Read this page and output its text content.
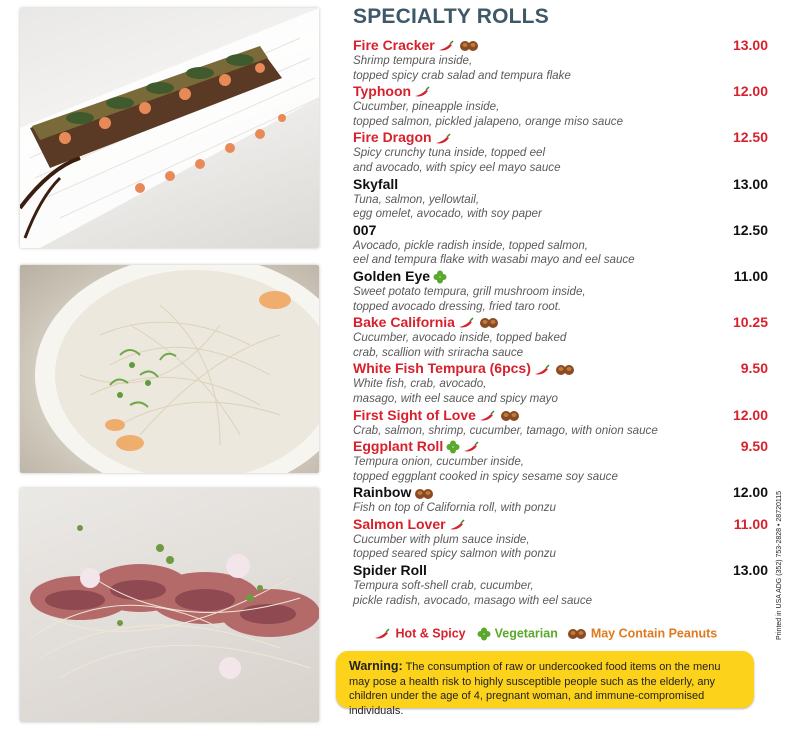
SPECIALTY ROLLS
Fire Cracker	13.00
Shrimp tempura inside,
topped spicy crab salad and tempura flake
Typhoon	12.00
Cucumber, pineapple inside,
topped salmon, pickled jalapeno, orange miso sauce
Fire Dragon	12.50
Spicy crunchy tuna inside, topped eel
and avocado, with spicy eel mayo sauce
Skyfall	13.00
Tuna, salmon, yellowtail,
egg omelet, avocado, with soy paper
007	12.50
Avocado, pickle radish inside, topped salmon,
eel and tempura flake with wasabi mayo and eel sauce
Golden Eye	11.00
Sweet potato tempura, grill mushroom inside,
topped avocado dressing, fried taro root.
Bake California	10.25
Cucumber, avocado inside, topped baked
crab, scallion with sriracha sauce
White Fish Tempura (6pcs)	9.50
White fish, crab, avocado,
masago, with eel sauce and spicy mayo
First Sight of Love	12.00
Crab, salmon, shrimp, cucumber, tamago, with onion sauce
Eggplant Roll	9.50
Tempura onion, cucumber inside,
topped eggplant cooked in spicy sesame soy sauce
Rainbow	12.00
Fish on top of California roll, with ponzu
Salmon Lover	11.00
Cucumber with plum sauce inside,
topped seared spicy salmon with ponzu
Spider Roll	13.00
Tempura soft-shell crab, cucumber,
pickle radish, avocado, masago with eel sauce
Hot & Spicy Vegetarian	May Contain Peanuts	Printed in USA ADG (352) 753-2828 • 28720115
Warning: The consumption of raw or undercooked food items on the menu may pose a health risk to highly susceptible people such as the elderly, any children under the age of 4, pregnant woman, and immune-compromised individuals.
